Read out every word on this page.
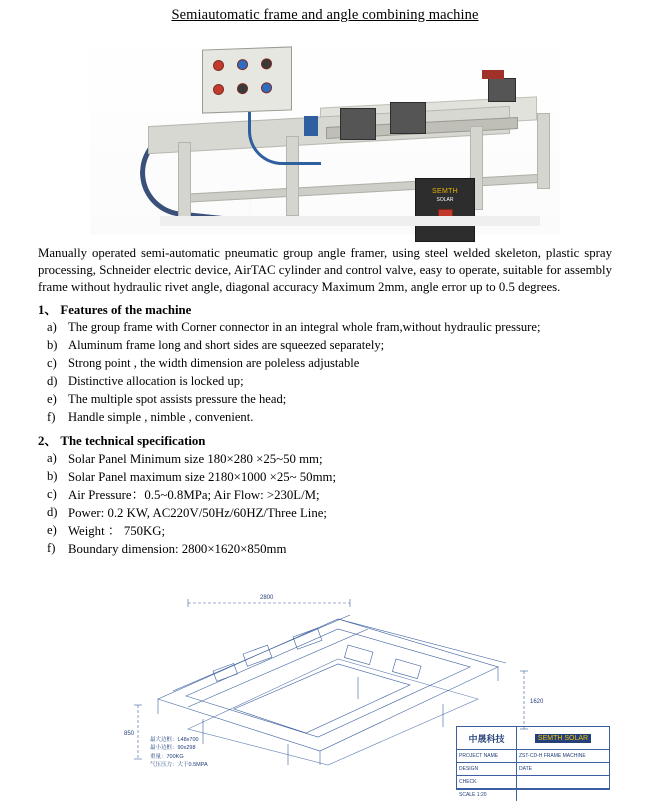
Semiautomatic frame and angle combining machine
SEMTH
SOLAR

Manually operated semi-automatic pneumatic group angle framer, using steel welded skeleton, plastic spray processing, Schneider electric device, AirTAC cylinder and control valve, easy to operate, suitable for assembly frame without hydraulic rivet angle, diagonal accuracy Maximum 2mm, angle error up to 0.5 degrees.

1、 Features of the machine
a) The group frame with Corner connector in an integral whole fram,without hydraulic pressure;
b) Aluminum frame long and short sides are squeezed separately;
c) Strong point , the width dimension are poleless adjustable
d) Distinctive allocation is locked up;
e) The multiple spot assists pressure the head;
f)	Handle simple , nimble , convenient.
2、 The technical specification
a) Solar Panel Minimum size 180×280 ×25~50 mm;
b) Solar Panel maximum size 2180×1000 ×25~ 50mm;
c) Air Pressure：0.5~0.8MPa; Air Flow: >230L/M;
d) Power: 0.2 KW, AC220V/50Hz/60HZ/Three Line;
e) Weight ： 750KG;
f) Boundary dimension: 2800×1620×850mm
2800
1620
850
最大边框：L48x700
最小边框：90x298
重量：700KG
气压压力：大于0.5MPA
中晟科技	SEMTH SOLAR
PROJECT NAME	ZST-CD-H FRAME MACHINE
DESIGN	DATE
CHECK
SCALE 1:20
